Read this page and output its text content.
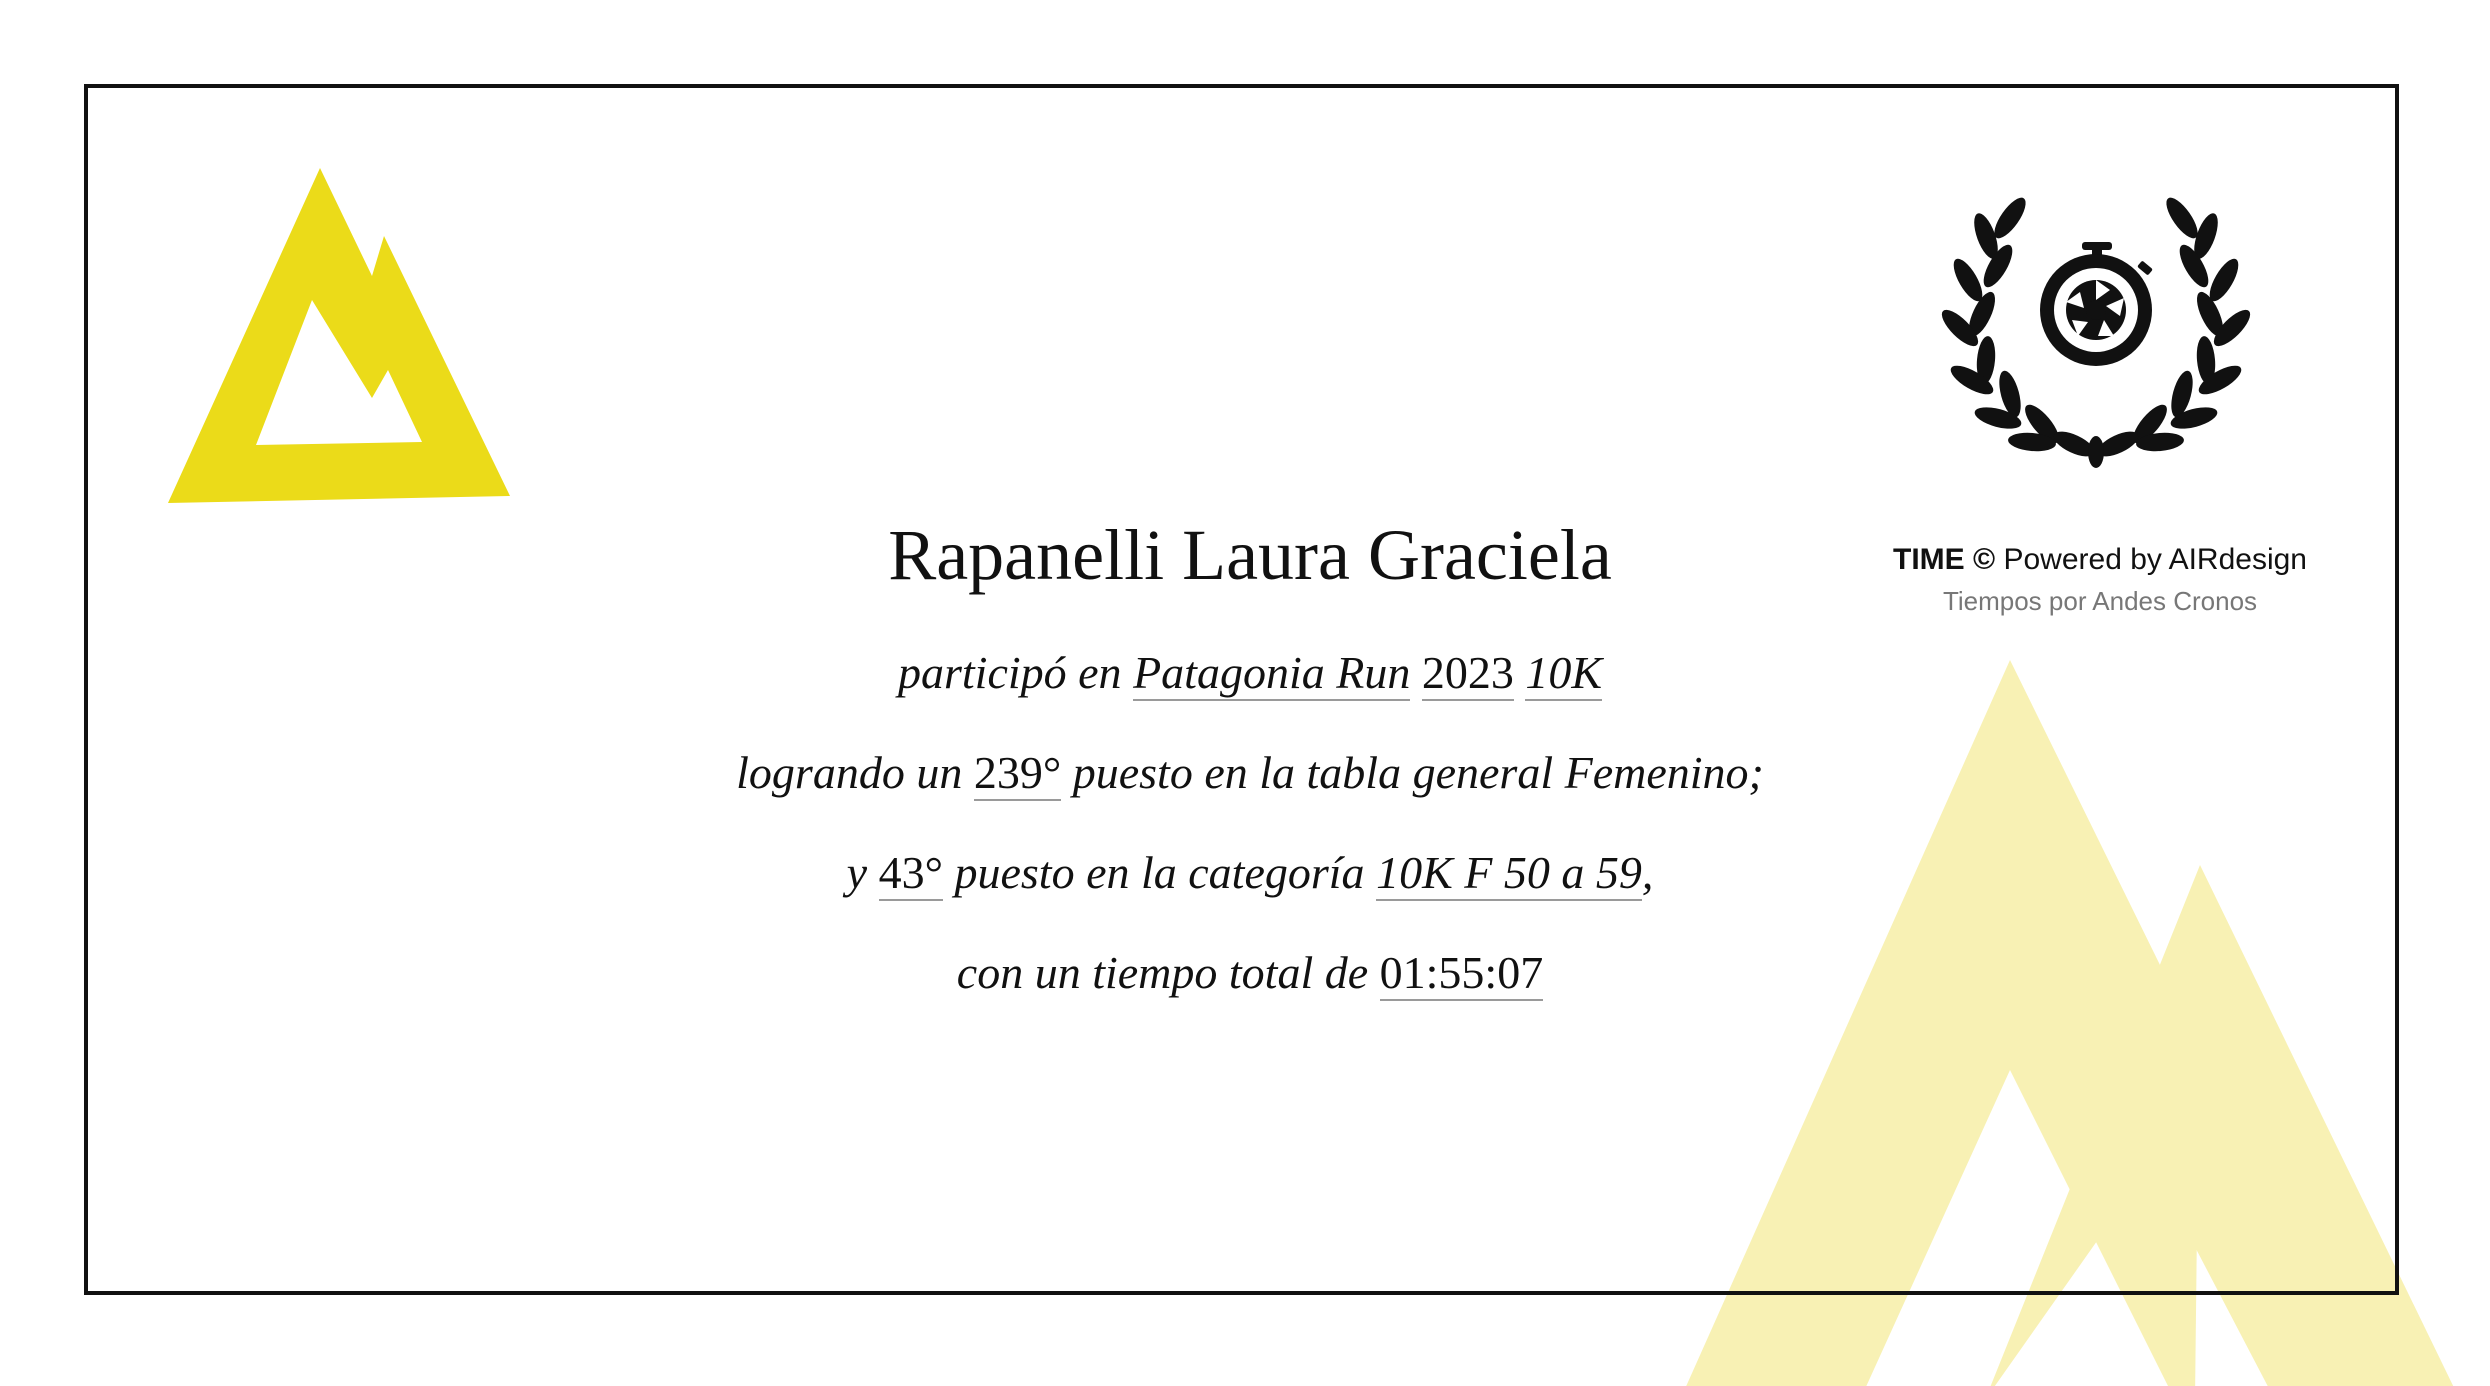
TIME © Powered by AIRdesign
Tiempos por Andes Cronos
Rapanelli Laura Graciela
participó en Patagonia Run 2023 10K
logrando un 239° puesto en la tabla general Femenino;
y 43° puesto en la categoría 10K F 50 a 59,
con un tiempo total de 01:55:07
